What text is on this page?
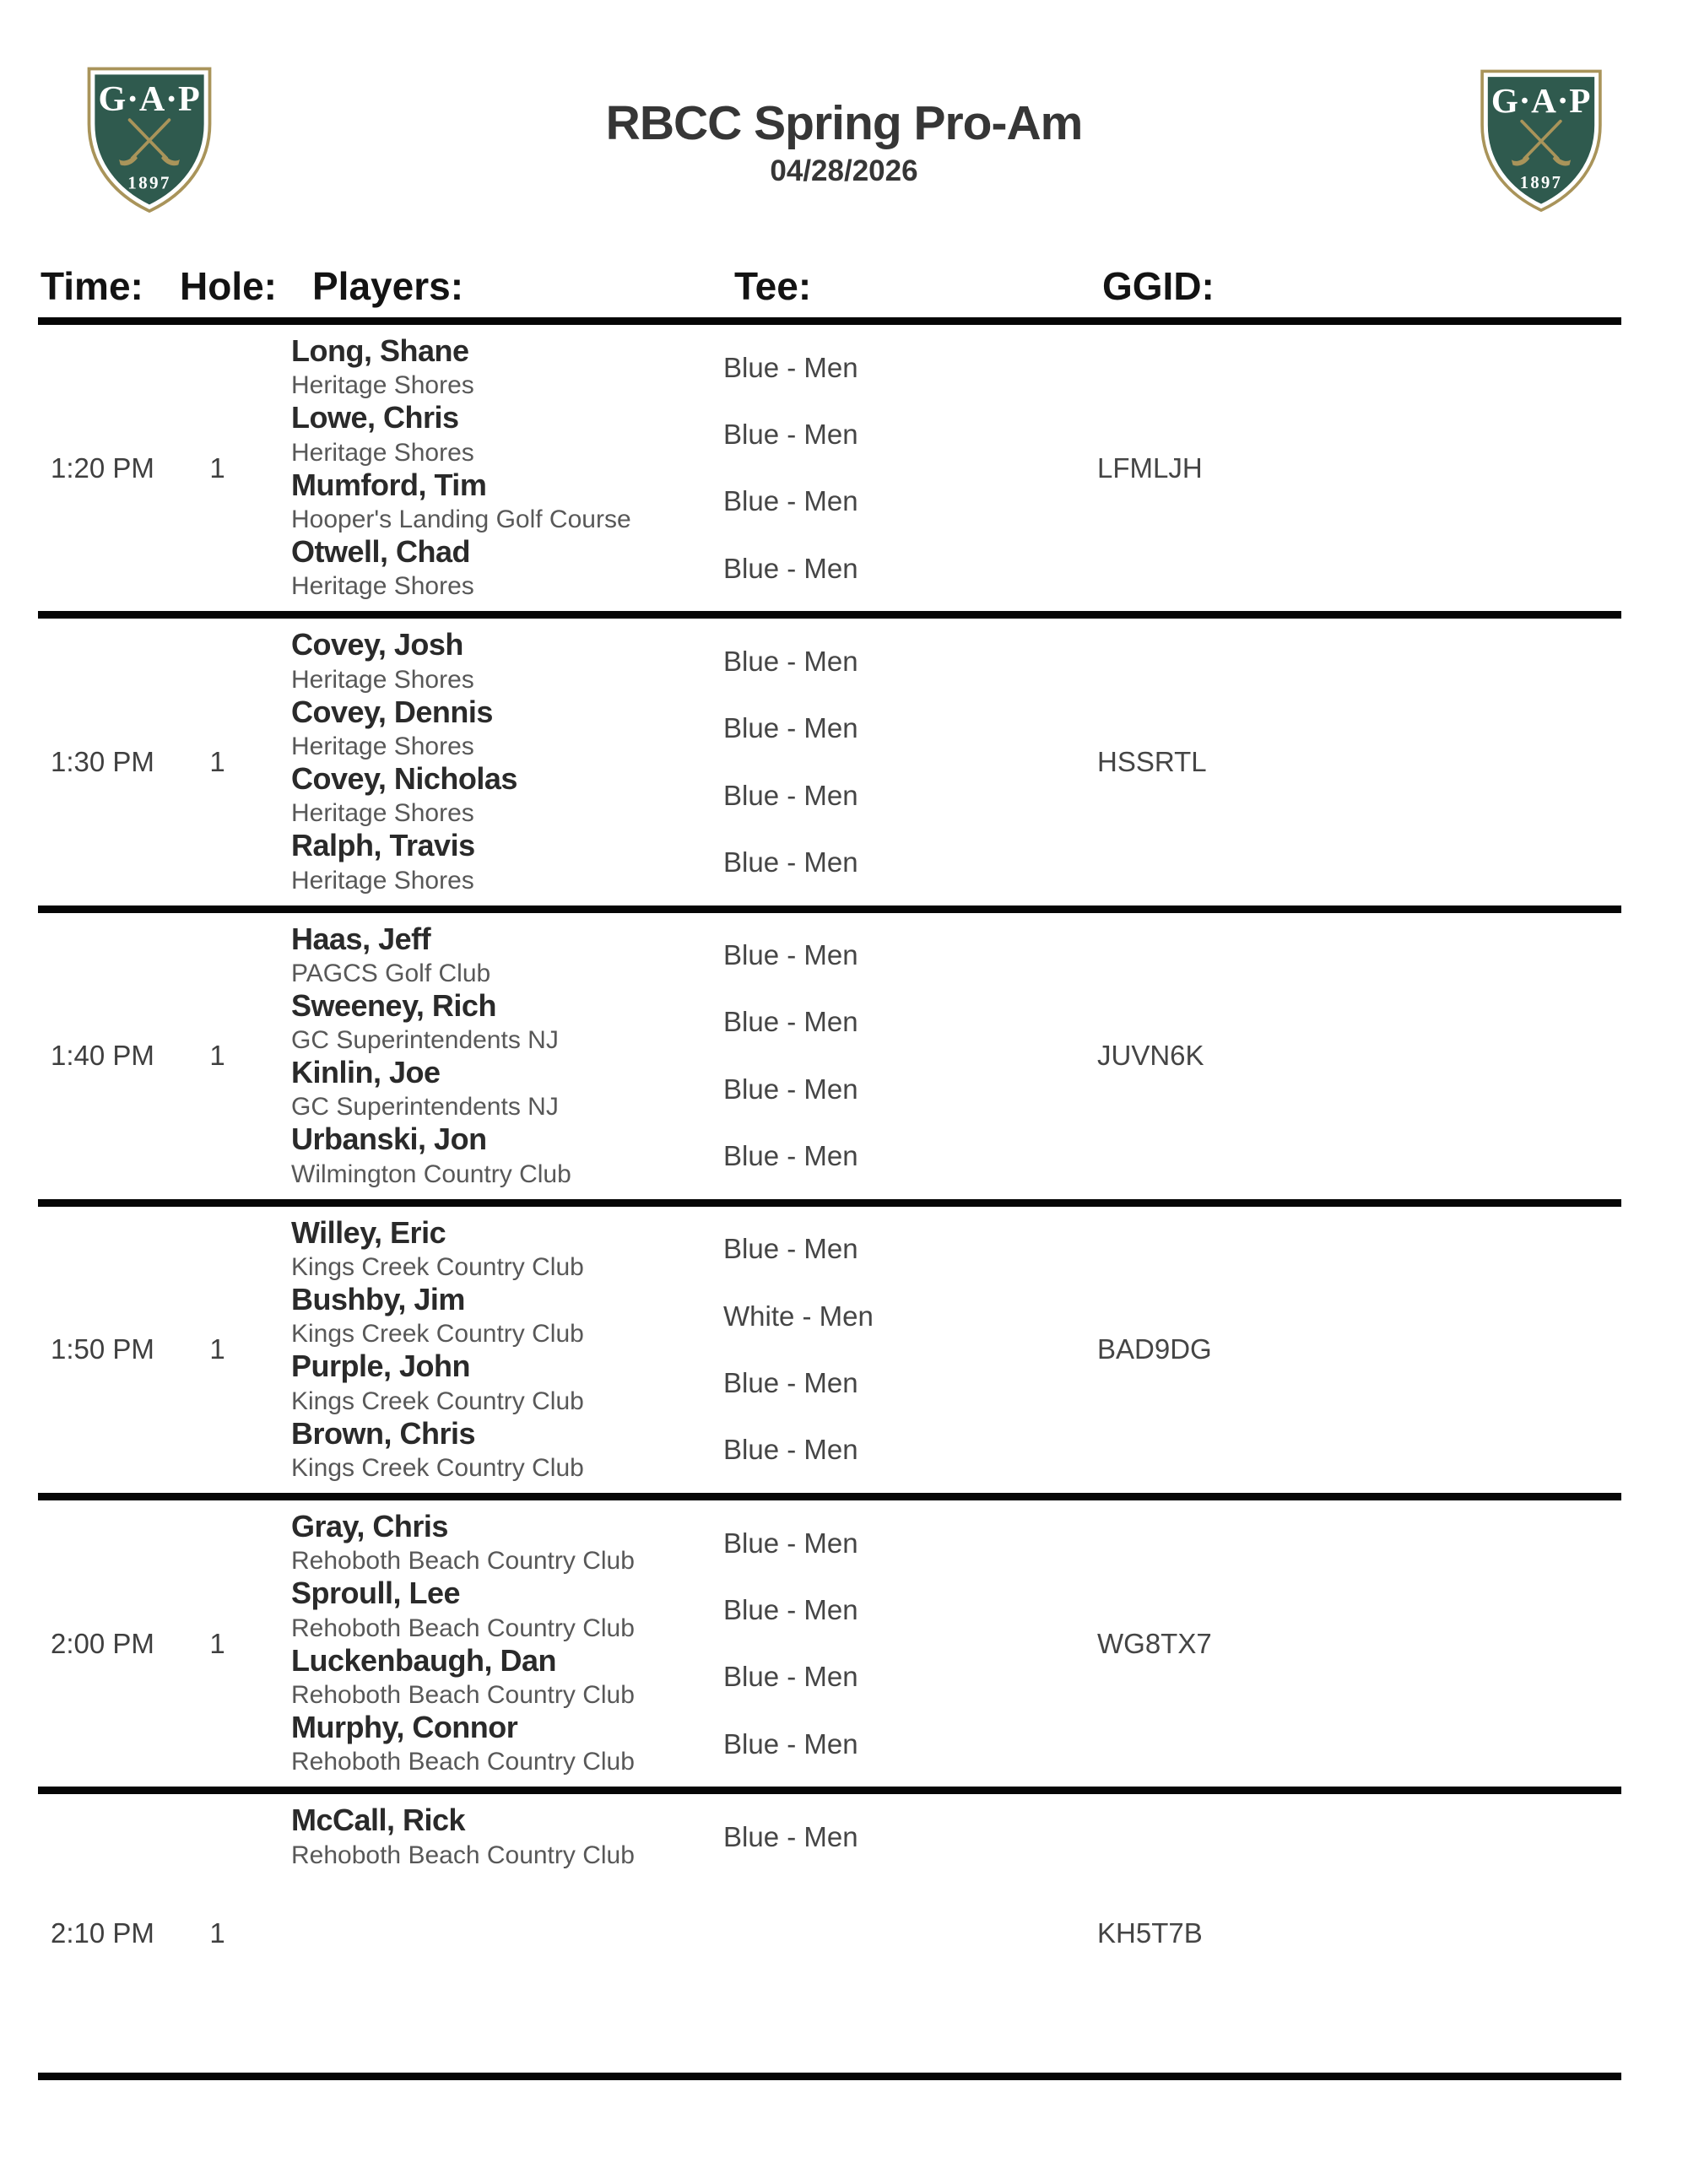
G·A·P
1897
RBCC Spring Pro-Am
04/28/2026
G·A·P
1897
Time: Hole: Players:	Tee:	GGID:
1:20 PM	1
Long, Shane
Heritage Shores
Blue - Men
Lowe, Chris
Heritage Shores
Blue - Men
Mumford, Tim
Hooper's Landing Golf Course
Blue - Men
Otwell, Chad
Heritage Shores
Blue - Men
LFMLJH
1:30 PM	1
Covey, Josh
Heritage Shores
Blue - Men
Covey, Dennis
Heritage Shores
Blue - Men
Covey, Nicholas
Heritage Shores
Blue - Men
Ralph, Travis
Heritage Shores
Blue - Men
HSSRTL
1:40 PM	1
Haas, Jeff
PAGCS Golf Club
Blue - Men
Sweeney, Rich
GC Superintendents NJ
Blue - Men
Kinlin, Joe
GC Superintendents NJ
Blue - Men
Urbanski, Jon
Wilmington Country Club
Blue - Men
JUVN6K
1:50 PM	1
Willey, Eric
Kings Creek Country Club
Blue - Men
Bushby, Jim
Kings Creek Country Club
White - Men
Purple, John
Kings Creek Country Club
Blue - Men
Brown, Chris
Kings Creek Country Club
Blue - Men
BAD9DG
2:00 PM	1
Gray, Chris
Rehoboth Beach Country Club
Blue - Men
Sproull, Lee
Rehoboth Beach Country Club
Blue - Men
Luckenbaugh, Dan
Rehoboth Beach Country Club
Blue - Men
Murphy, Connor
Rehoboth Beach Country Club
Blue - Men
WG8TX7
2:10 PM	1
McCall, Rick
Rehoboth Beach Country Club
Blue - Men
KH5T7B
